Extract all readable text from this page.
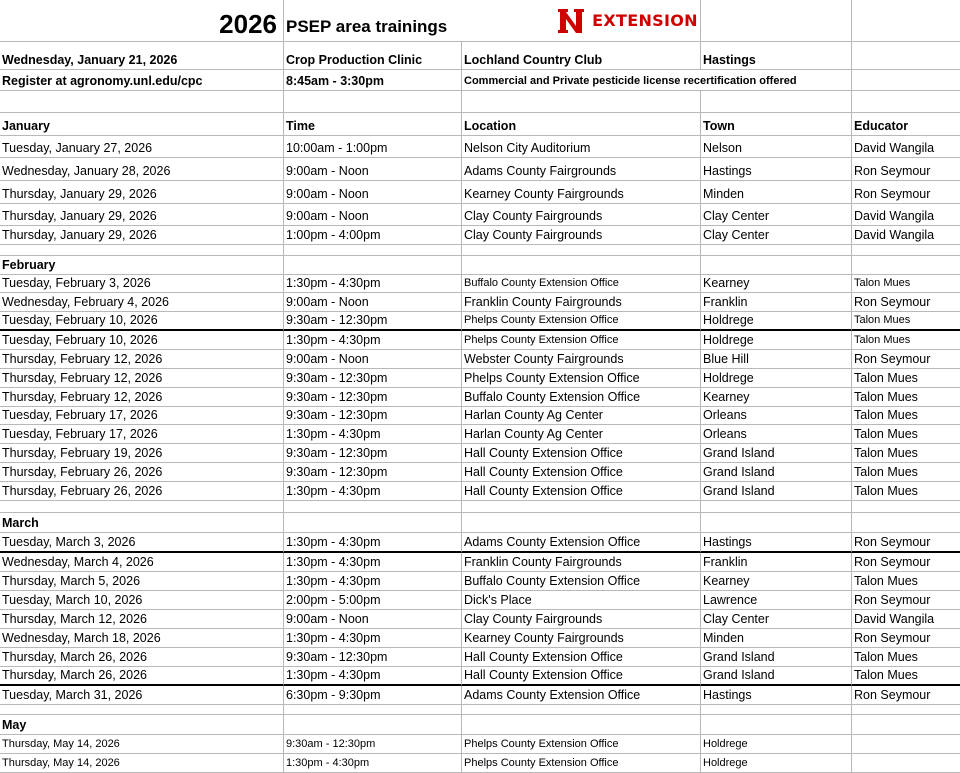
2026 PSEP area trainings	EXTENSION
Wednesday, January 21, 2026	Crop Production Clinic	Lochland Country Club	Hastings
Register at agronomy.unl.edu/cpc	8:45am - 3:30pm	Commercial and Private pesticide license recertification offered
January	Time	Location	Town	Educator
Tuesday, January 27, 2026	10:00am - 1:00pm	Nelson City Auditorium	Nelson	David Wangila
Wednesday, January 28, 2026	9:00am - Noon	Adams County Fairgrounds	Hastings	Ron Seymour
Thursday, January 29, 2026	9:00am - Noon	Kearney County Fairgrounds	Minden	Ron Seymour
Thursday, January 29, 2026	9:00am - Noon	Clay County Fairgrounds	Clay Center	David Wangila
Thursday, January 29, 2026	1:00pm - 4:00pm	Clay County Fairgrounds	Clay Center	David Wangila
February
Tuesday, February 3, 2026	1:30pm - 4:30pm	Buffalo County Extension Office	Kearney	Talon Mues
Wednesday, February 4, 2026	9:00am - Noon	Franklin County Fairgrounds	Franklin	Ron Seymour
Tuesday, February 10, 2026	9:30am - 12:30pm	Phelps County Extension Office	Holdrege	Talon Mues
Tuesday, February 10, 2026	1:30pm - 4:30pm	Phelps County Extension Office	Holdrege	Talon Mues
Thursday, February 12, 2026	9:00am - Noon	Webster County Fairgrounds	Blue Hill	Ron Seymour
Thursday, February 12, 2026	9:30am - 12:30pm	Phelps County Extension Office	Holdrege	Talon Mues
Thursday, February 12, 2026	9:30am - 12:30pm	Buffalo County Extension Office	Kearney	Talon Mues
Tuesday, February 17, 2026	9:30am - 12:30pm	Harlan County Ag Center	Orleans	Talon Mues
Tuesday, February 17, 2026	1:30pm - 4:30pm	Harlan County Ag Center	Orleans	Talon Mues
Thursday, February 19, 2026	9:30am - 12:30pm	Hall County Extension Office	Grand Island	Talon Mues
Thursday, February 26, 2026	9:30am - 12:30pm	Hall County Extension Office	Grand Island	Talon Mues
Thursday, February 26, 2026	1:30pm - 4:30pm	Hall County Extension Office	Grand Island	Talon Mues
March
Tuesday, March 3, 2026	1:30pm - 4:30pm	Adams County Extension Office	Hastings	Ron Seymour
Wednesday, March 4, 2026	1:30pm - 4:30pm	Franklin County Fairgrounds	Franklin	Ron Seymour
Thursday, March 5, 2026	1:30pm - 4:30pm	Buffalo County Extension Office	Kearney	Talon Mues
Tuesday, March 10, 2026	2:00pm - 5:00pm	Dick's Place	Lawrence	Ron Seymour
Thursday, March 12, 2026	9:00am - Noon	Clay County Fairgrounds	Clay Center	David Wangila
Wednesday, March 18, 2026	1:30pm - 4:30pm	Kearney County Fairgrounds	Minden	Ron Seymour
Thursday, March 26, 2026	9:30am - 12:30pm	Hall County Extension Office	Grand Island	Talon Mues
Thursday, March 26, 2026	1:30pm - 4:30pm	Hall County Extension Office	Grand Island	Talon Mues
Tuesday, March 31, 2026	6:30pm - 9:30pm	Adams County Extension Office	Hastings	Ron Seymour
May
Thursday, May 14, 2026	9:30am - 12:30pm	Phelps County Extension Office	Holdrege
Thursday, May 14, 2026	1:30pm - 4:30pm	Phelps County Extension Office	Holdrege
